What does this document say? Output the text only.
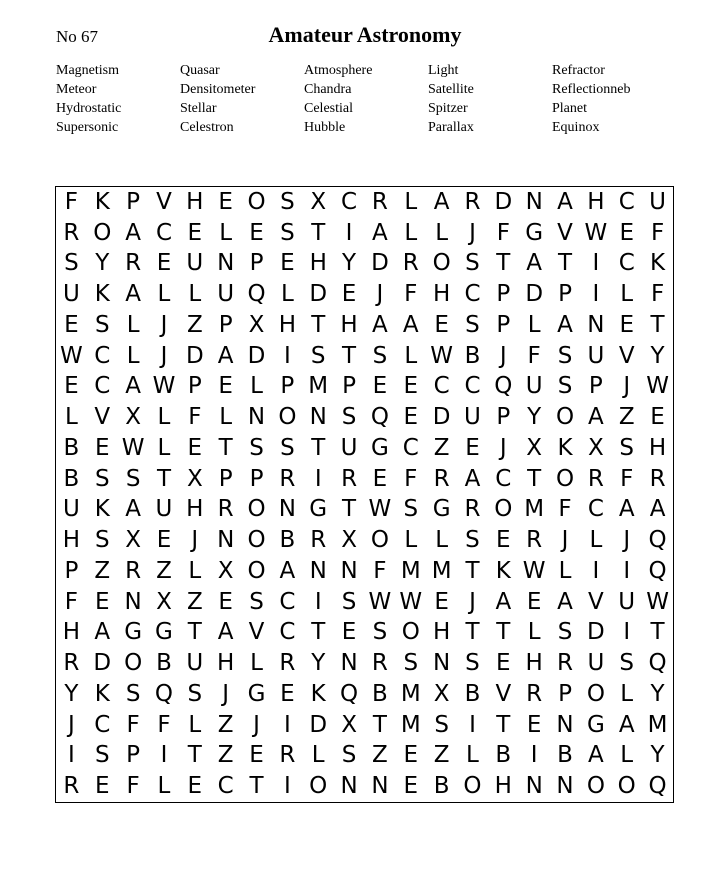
No 67	Amateur Astronomy
Magnetism	Quasar	Atmosphere	Light	Refractor
Meteor	Densitometer	Chandra	Satellite	Reflectionneb
Hydrostatic	Stellar	Celestial	Spitzer	Planet
Supersonic	Celestron	Hubble	Parallax	Equinox
F K P V H E O S X C R L A R D N A H C U
R O A C E L E S T I A L L J F G V W E F
S Y R E U N P E H Y D R O S T A T I C K
U K A L L U Q L D E J F H C P D P I L F
E S L J Z P X H T H A A E S P L A N E T
W C L J D A D I S T S L W B J F S U V Y
E C A W P E L P M P E E C C Q U S P J W
L V X L F L N O N S Q E D U P Y O A Z E
B E W L E T S S T U G C Z E J X K X S H
B S S T X P P R I R E F R A C T O R F R
U K A U H R O N G T W S G R O M F C A A
H S X E J N O B R X O L L S E R J L J Q
P Z R Z L X O A N N F M M T K W L I	I Q
F E N X Z E S C I S W W E J A E A V U W
H A G G T A V C T E S O H T T L S D I T
R D O B U H L R Y N R S N S E H R U S Q
Y K S Q S J G E K Q B M X B V R P O L Y
J C F F L Z J	I D X T M S I T E N G A M
I S P I T Z E R L S Z E Z L B I B A L Y
R E F L E C T I O N N E B O H N N O O Q
